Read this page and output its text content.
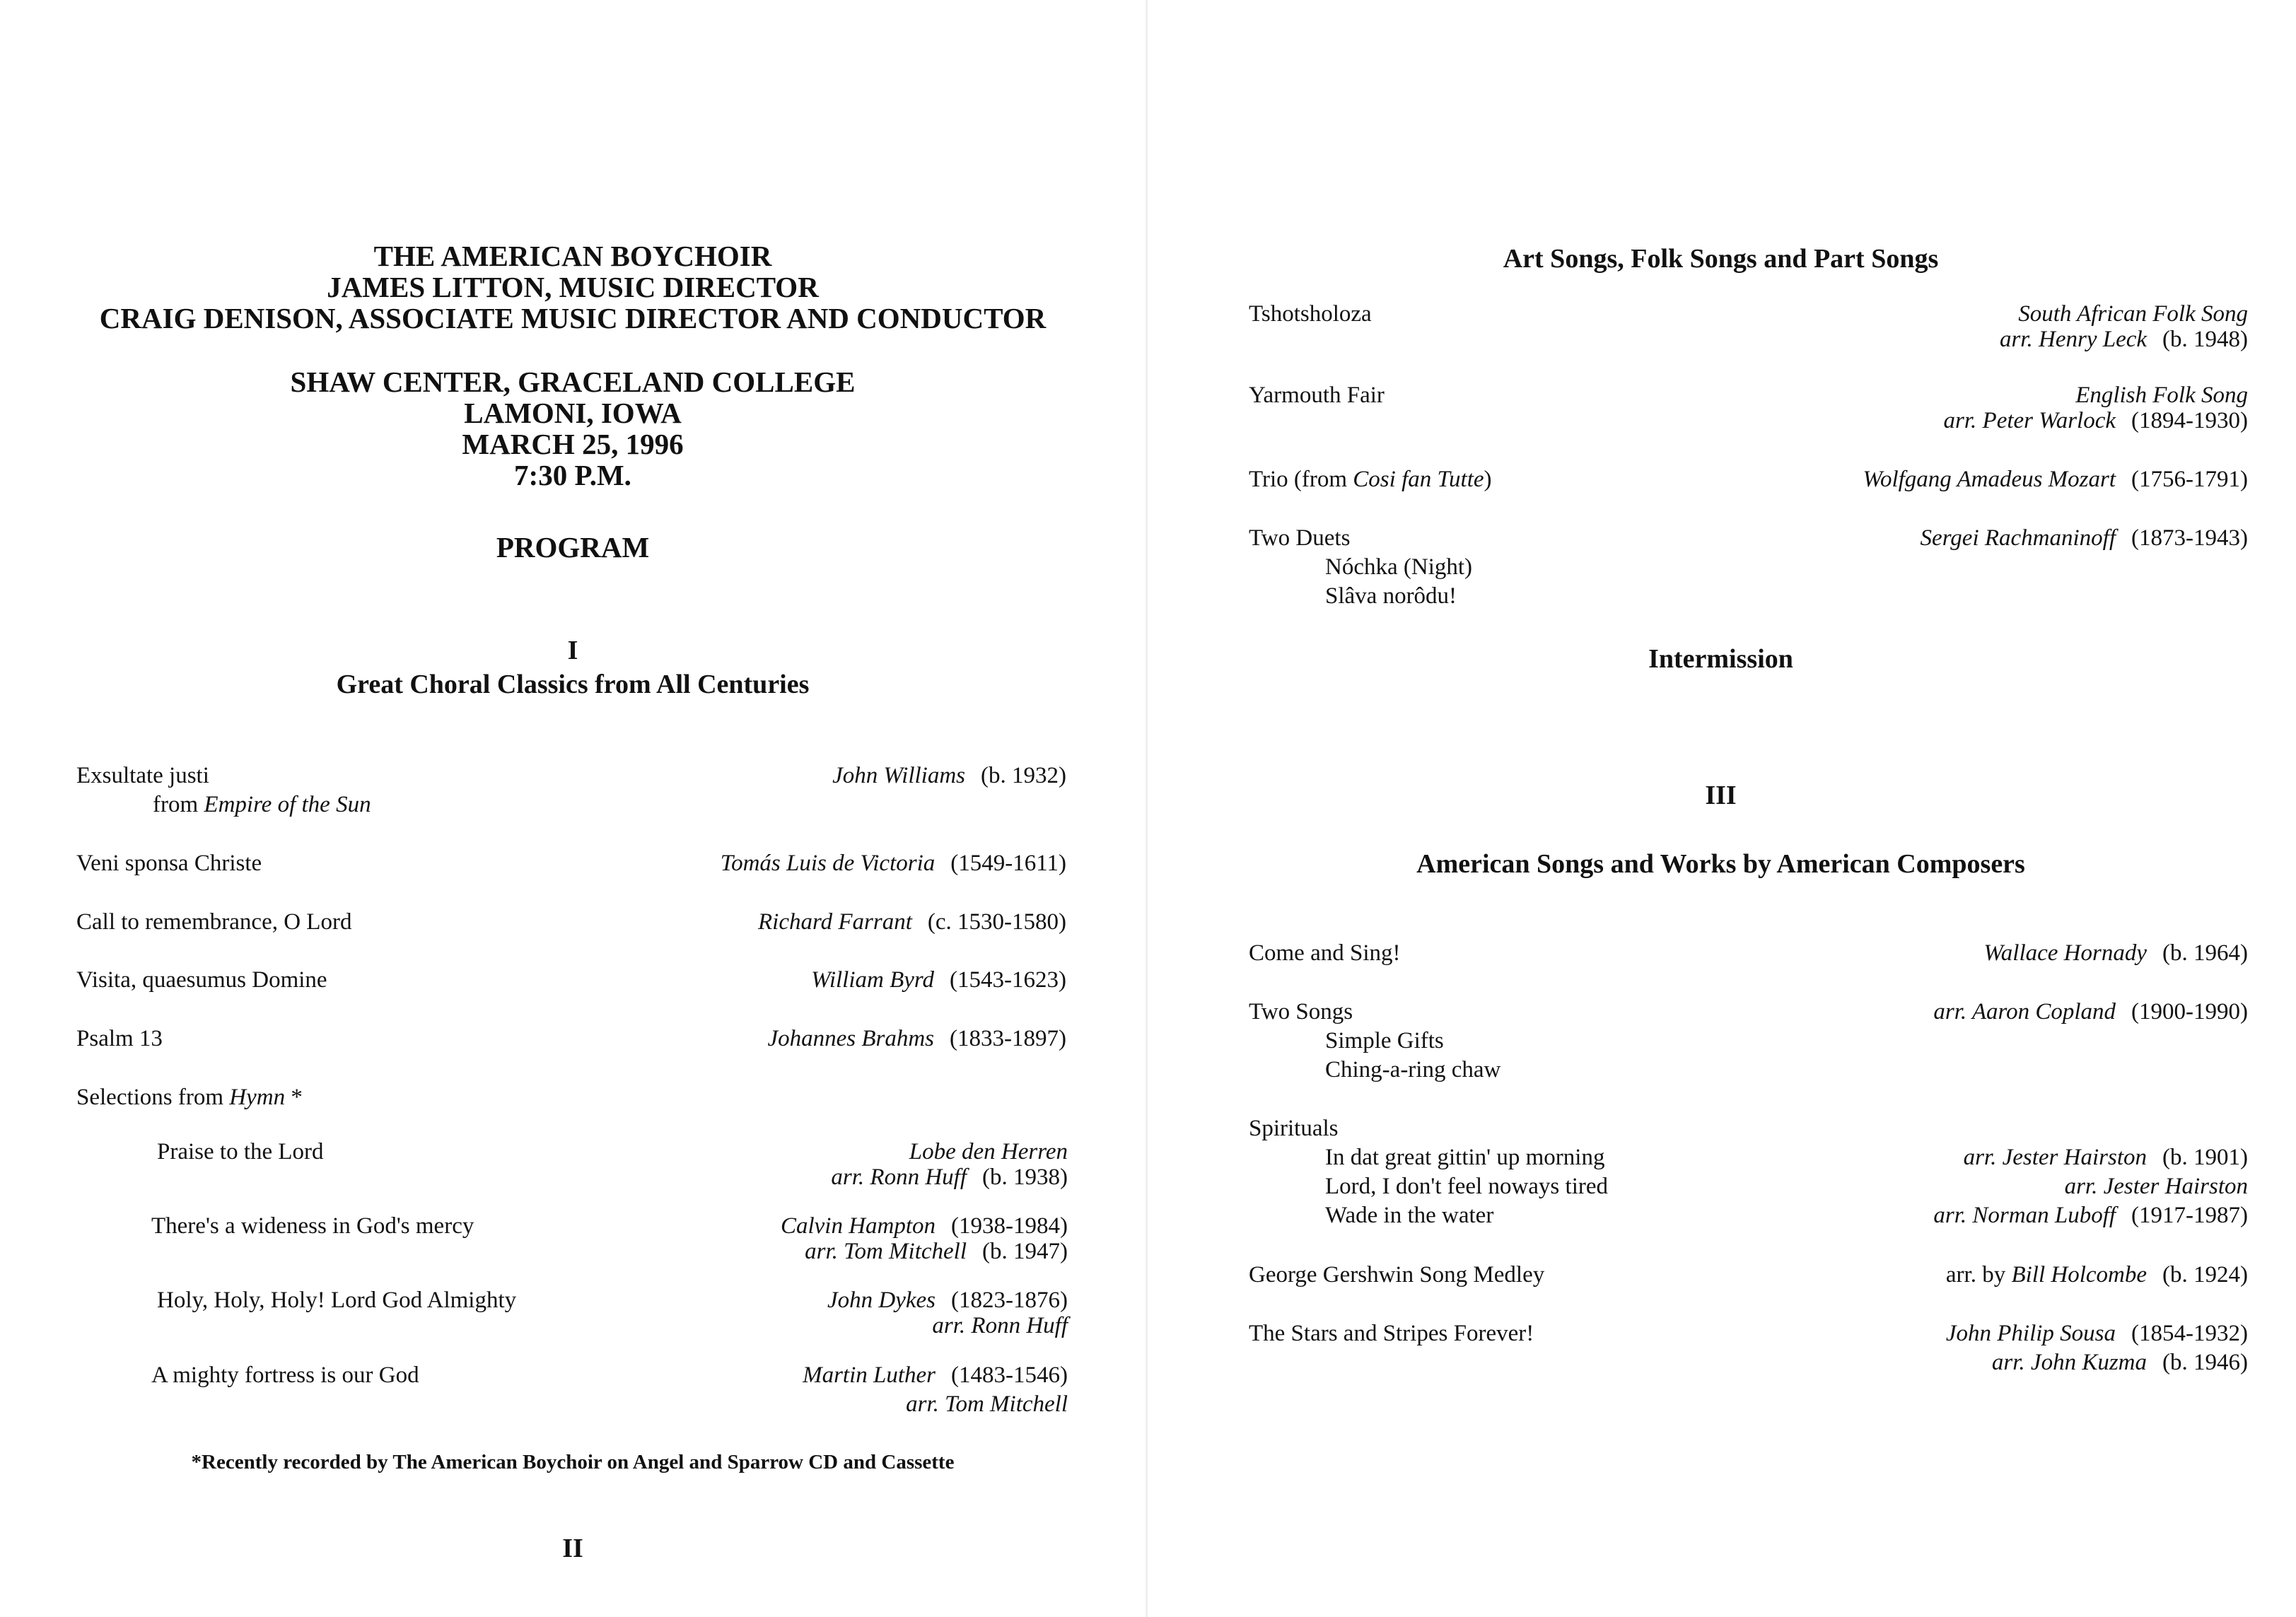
THE AMERICAN BOYCHOIR
JAMES LITTON, MUSIC DIRECTOR
CRAIG DENISON, ASSOCIATE MUSIC DIRECTOR AND CONDUCTOR
SHAW CENTER, GRACELAND COLLEGE
LAMONI, IOWA
MARCH 25, 1996
7:30 P.M.
PROGRAM
I
Great Choral Classics from All Centuries
Exsultate justi	John Williams (b. 1932)
from Empire of the Sun
Veni sponsa Christe	Tomás Luis de Victoria (1549-1611)
Call to remembrance, O Lord	Richard Farrant (c. 1530-1580)
Visita, quaesumus Domine	William Byrd (1543-1623)
Psalm 13	Johannes Brahms (1833-1897)
Selections from Hymn *
Praise to the Lord	Lobe den Herren
arr. Ronn Huff (b. 1938)
There's a wideness in God's mercy	Calvin Hampton (1938-1984)
arr. Tom Mitchell (b. 1947)
Holy, Holy, Holy! Lord God Almighty	John Dykes (1823-1876)
arr. Ronn Huff
A mighty fortress is our God	Martin Luther (1483-1546)
arr. Tom Mitchell
*Recently recorded by The American Boychoir on Angel and Sparrow CD and Cassette
II
Art Songs, Folk Songs and Part Songs
Tshotsholoza	South African Folk Song
arr. Henry Leck (b. 1948)
Yarmouth Fair	English Folk Song
arr. Peter Warlock (1894-1930)
Trio (from Cosi fan Tutte)	Wolfgang Amadeus Mozart (1756-1791)
Two Duets	Sergei Rachmaninoff (1873-1943)
Nóchka (Night)
Slâva norôdu!
Intermission
III
American Songs and Works by American Composers
Come and Sing!	Wallace Hornady (b. 1964)
Two Songs	arr. Aaron Copland (1900-1990)
Simple Gifts
Ching-a-ring chaw
Spirituals
In dat great gittin' up morning	arr. Jester Hairston (b. 1901)
Lord, I don't feel noways tired	arr. Jester Hairston
Wade in the water	arr. Norman Luboff (1917-1987)
George Gershwin Song Medley	arr. by Bill Holcombe (b. 1924)
The Stars and Stripes Forever!	John Philip Sousa (1854-1932)
arr. John Kuzma (b. 1946)
